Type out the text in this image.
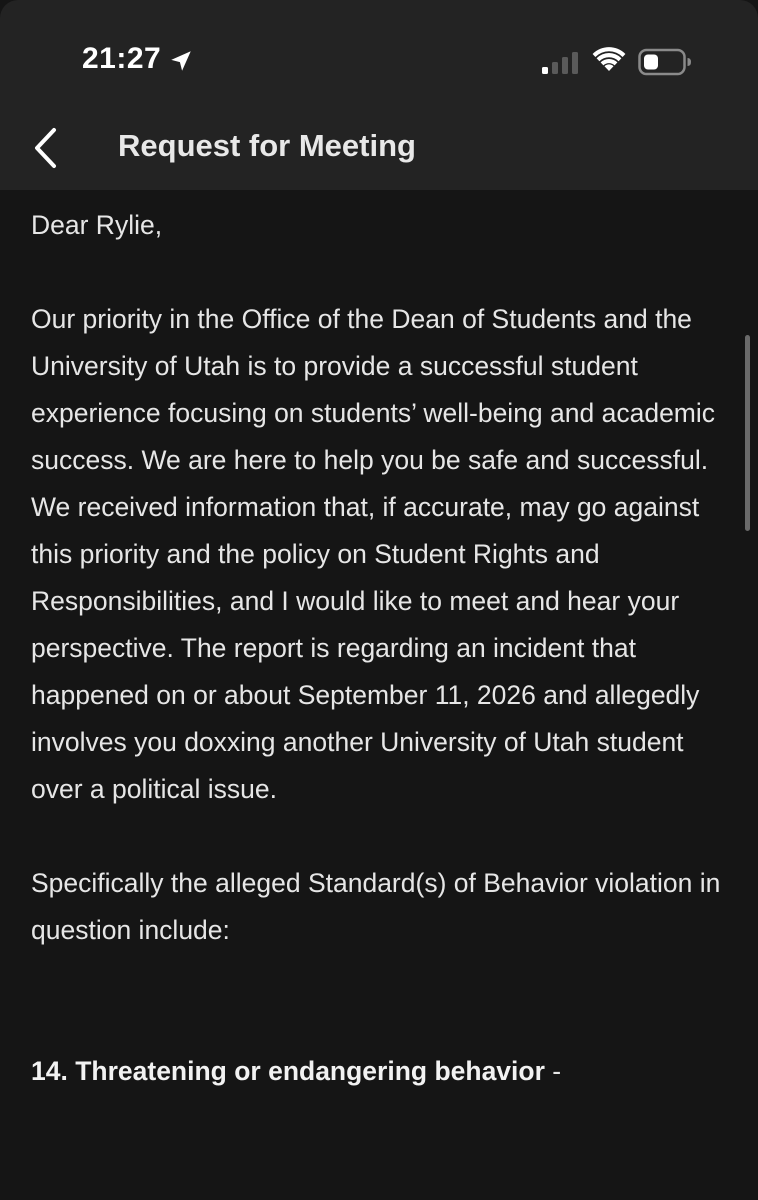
21:27
Request for Meeting

Dear Rylie,

Our priority in the Office of the Dean of Students and the University of Utah is to provide a successful student experience focusing on students’ well-being and academic success. We are here to help you be safe and successful. We received information that, if accurate, may go against this priority and the policy on Student Rights and Responsibilities, and I would like to meet and hear your perspective. The report is regarding an incident that happened on or about September 11, 2026 and allegedly involves you doxxing another University of Utah student over a political issue.

Specifically the alleged Standard(s) of Behavior violation in question include:

14. Threatening or endangering behavior -
